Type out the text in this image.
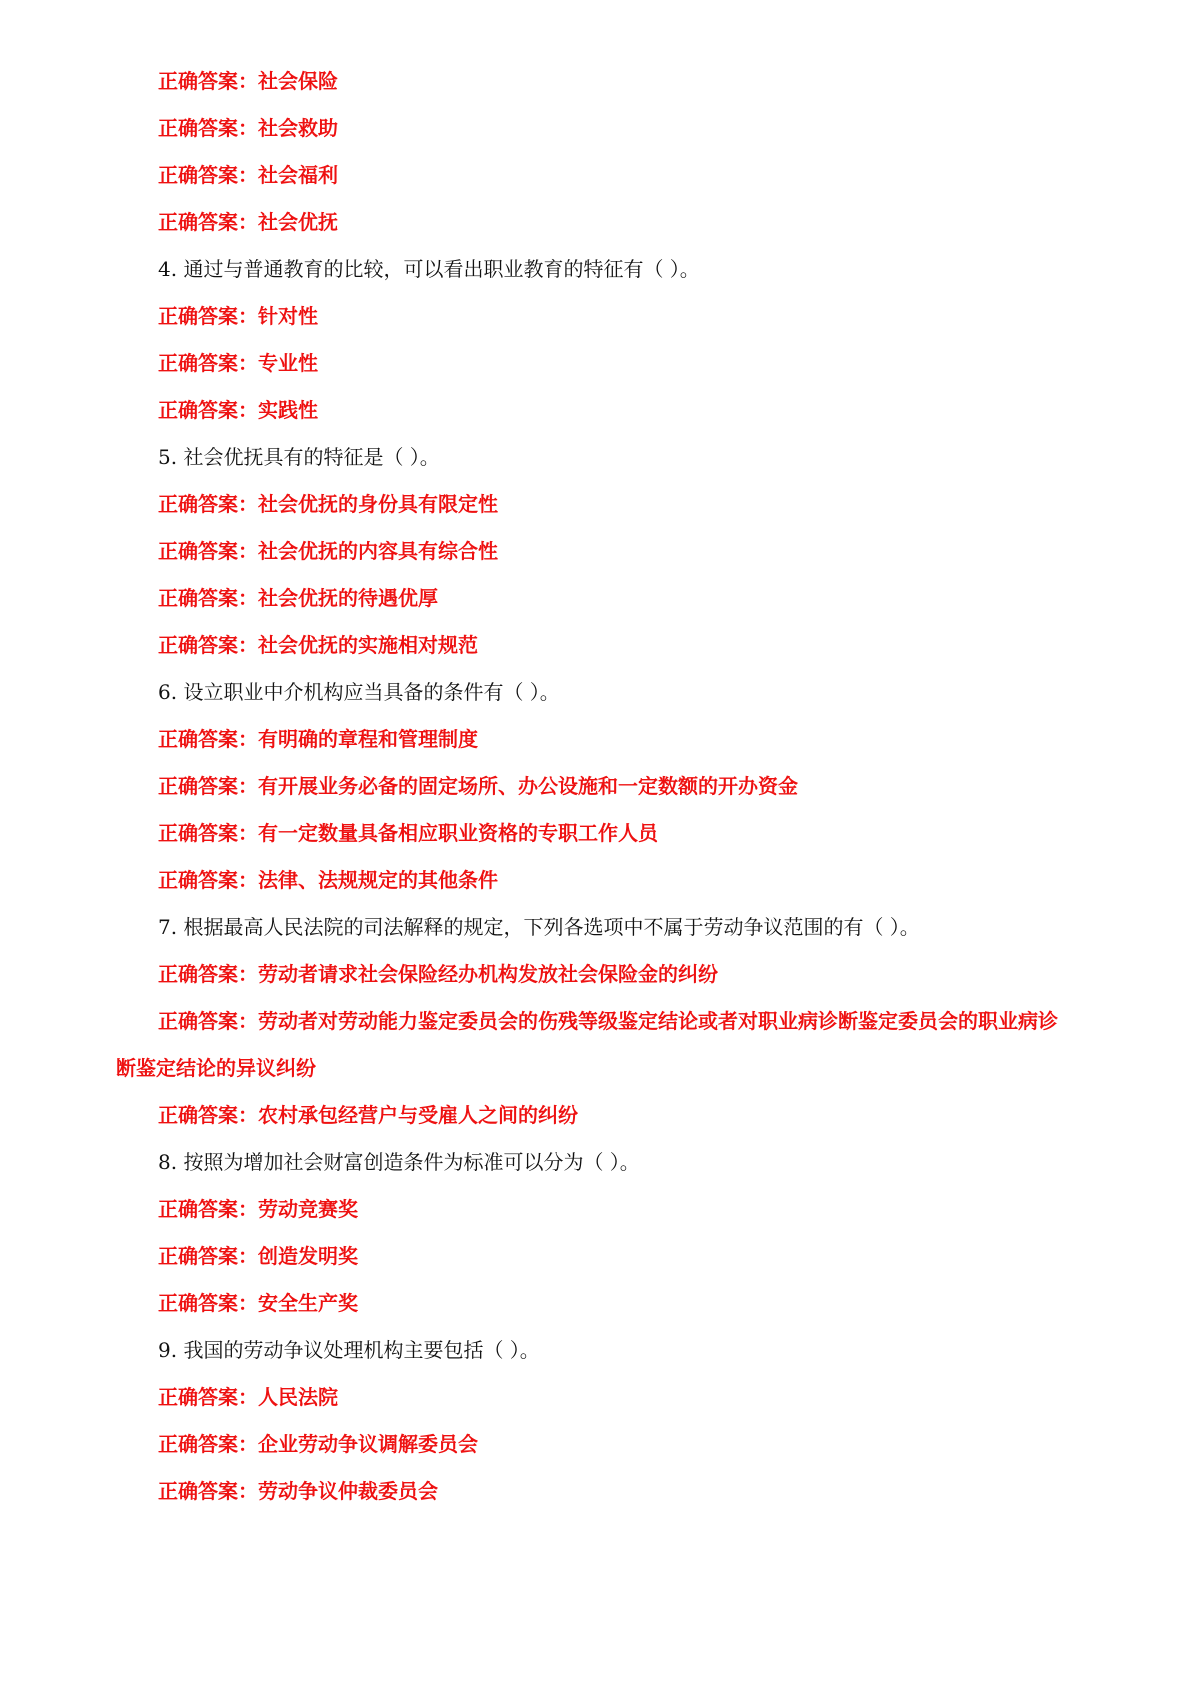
正确答案：社会保险
正确答案：社会救助
正确答案：社会福利
正确答案：社会优抚
4. 通过与普通教育的比较，可以看出职业教育的特征有（ ）。
正确答案：针对性
正确答案：专业性
正确答案：实践性
5. 社会优抚具有的特征是（ ）。
正确答案：社会优抚的身份具有限定性
正确答案：社会优抚的内容具有综合性
正确答案：社会优抚的待遇优厚
正确答案：社会优抚的实施相对规范
6. 设立职业中介机构应当具备的条件有（ ）。
正确答案：有明确的章程和管理制度
正确答案：有开展业务必备的固定场所、办公设施和一定数额的开办资金
正确答案：有一定数量具备相应职业资格的专职工作人员
正确答案：法律、法规规定的其他条件
7. 根据最高人民法院的司法解释的规定，下列各选项中不属于劳动争议范围的有（ ）。
正确答案：劳动者请求社会保险经办机构发放社会保险金的纠纷
正确答案：劳动者对劳动能力鉴定委员会的伤残等级鉴定结论或者对职业病诊断鉴定委员会的职业病诊断鉴定结论的异议纠纷
正确答案：农村承包经营户与受雇人之间的纠纷
8. 按照为增加社会财富创造条件为标准可以分为（ ）。
正确答案：劳动竞赛奖
正确答案：创造发明奖
正确答案：安全生产奖
9. 我国的劳动争议处理机构主要包括（ ）。
正确答案：人民法院
正确答案：企业劳动争议调解委员会
正确答案：劳动争议仲裁委员会
